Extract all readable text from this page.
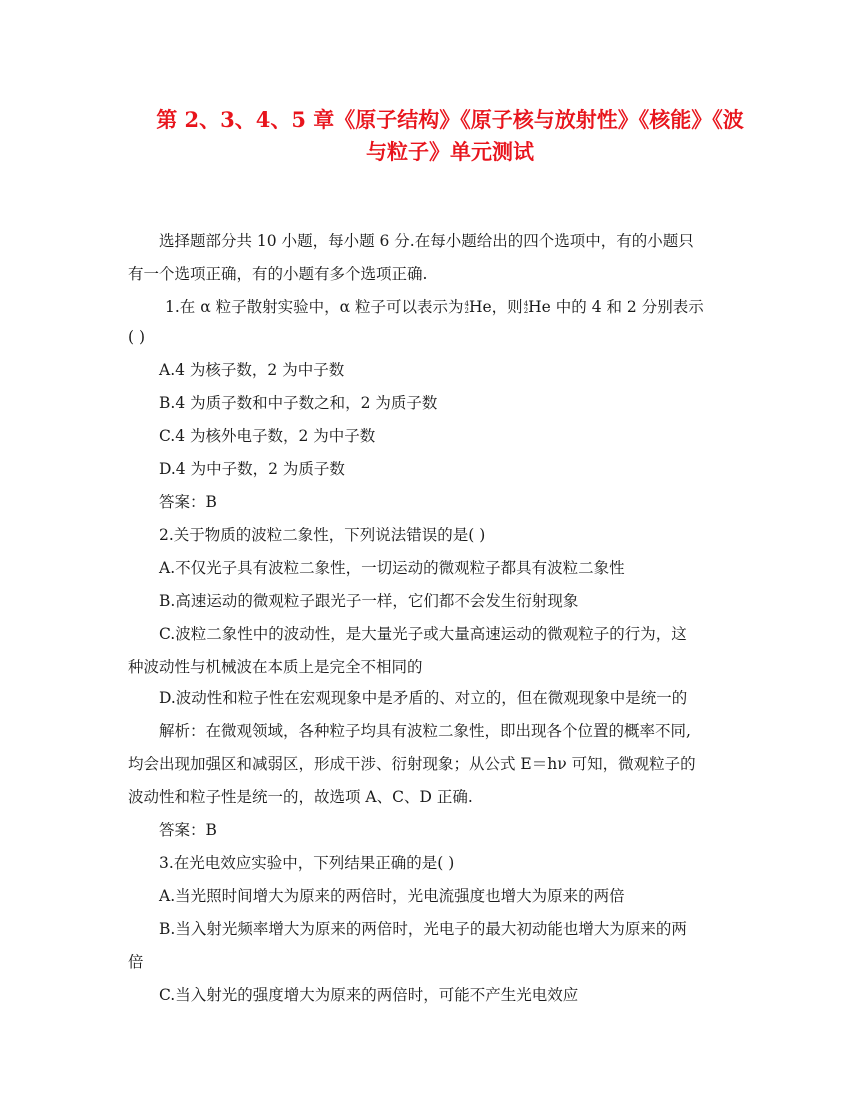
第 2、3、4、5 章《原子结构》《原子核与放射性》《核能》《波
与粒子》单元测试

选择题部分共 10 小题，每小题 6 分.在每小题给出的四个选项中，有的小题只

有一个选项正确，有的小题有多个选项正确.

1.在 α 粒子散射实验中，α 粒子可以表示为 4
2 He，则 4
2 He 中的 4 和 2 分别表示

( )

A.4 为核子数，2 为中子数

B.4 为质子数和中子数之和，2 为质子数

C.4 为核外电子数，2 为中子数

D.4 为中子数，2 为质子数

答案：B

2.关于物质的波粒二象性，下列说法错误的是( )

A.不仅光子具有波粒二象性，一切运动的微观粒子都具有波粒二象性

B.高速运动的微观粒子跟光子一样，它们都不会发生衍射现象

C.波粒二象性中的波动性，是大量光子或大量高速运动的微观粒子的行为，这

种波动性与机械波在本质上是完全不相同的

D.波动性和粒子性在宏观现象中是矛盾的、对立的，但在微观现象中是统一的

解析：在微观领域，各种粒子均具有波粒二象性，即出现各个位置的概率不同,

均会出现加强区和减弱区，形成干涉、衍射现象；从公式 E＝hν 可知，微观粒子的

波动性和粒子性是统一的，故选项 A、C、D 正确.

答案：B

3.在光电效应实验中，下列结果正确的是( )

A.当光照时间增大为原来的两倍时，光电流强度也增大为原来的两倍

B.当入射光频率增大为原来的两倍时，光电子的最大初动能也增大为原来的两

倍

C.当入射光的强度增大为原来的两倍时，可能不产生光电效应
